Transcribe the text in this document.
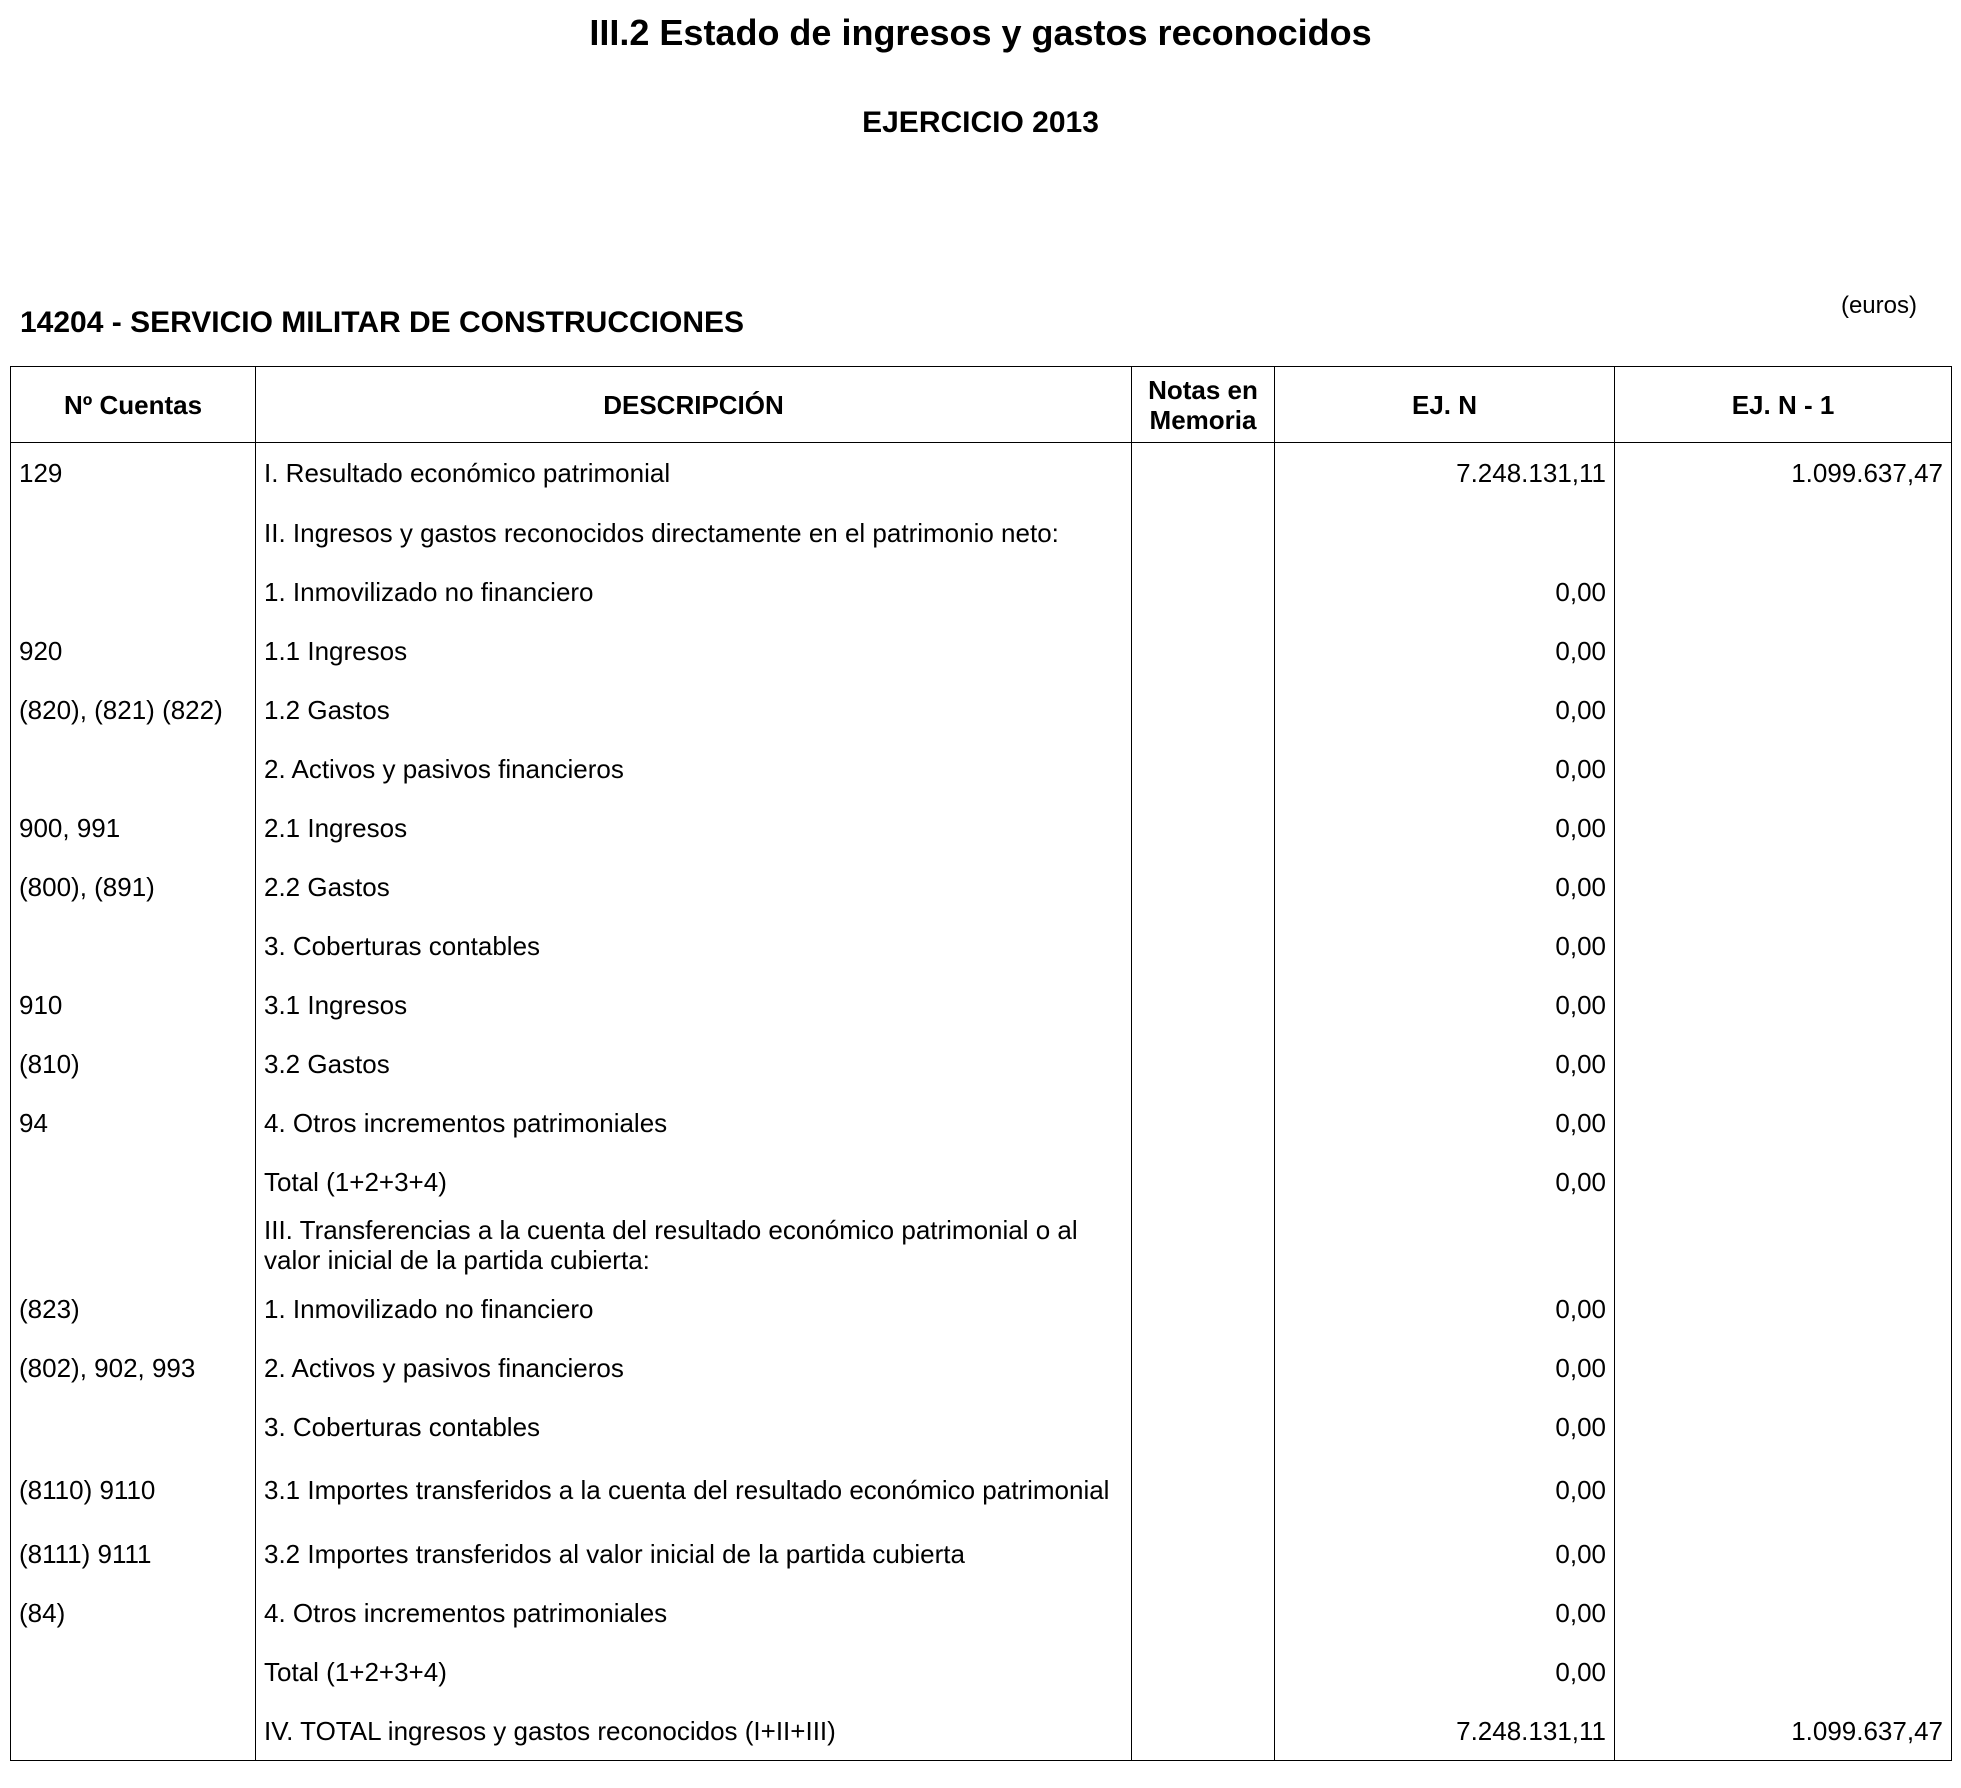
III.2 Estado de ingresos y gastos reconocidos
EJERCICIO 2013
14204 - SERVICIO MILITAR DE CONSTRUCCIONES
(euros)
Nº Cuentas	DESCRIPCIÓN	Notas en Memoria	EJ. N	EJ. N - 1
129	I. Resultado económico patrimonial		7.248.131,11	1.099.637,47
	II. Ingresos y gastos reconocidos directamente en el patrimonio neto:			
	1. Inmovilizado no financiero		0,00	
920	1.1 Ingresos		0,00	
(820), (821) (822)	1.2 Gastos		0,00	
	2. Activos y pasivos financieros		0,00	
900, 991	2.1 Ingresos		0,00	
(800), (891)	2.2 Gastos		0,00	
	3. Coberturas contables		0,00	
910	3.1 Ingresos		0,00	
(810)	3.2 Gastos		0,00	
94	4. Otros incrementos patrimoniales		0,00	
	Total (1+2+3+4)		0,00	
	III. Transferencias a la cuenta del resultado económico patrimonial o al valor inicial de la partida cubierta:			
(823)	1. Inmovilizado no financiero		0,00	
(802), 902, 993	2. Activos y pasivos financieros		0,00	
	3. Coberturas contables		0,00	
(8110) 9110	3.1 Importes transferidos a la cuenta del resultado económico patrimonial		0,00	
(8111) 9111	3.2 Importes transferidos al valor inicial de la partida cubierta		0,00	
(84)	4. Otros incrementos patrimoniales		0,00	
	Total (1+2+3+4)		0,00	
	IV. TOTAL ingresos y gastos reconocidos (I+II+III)		7.248.131,11	1.099.637,47
